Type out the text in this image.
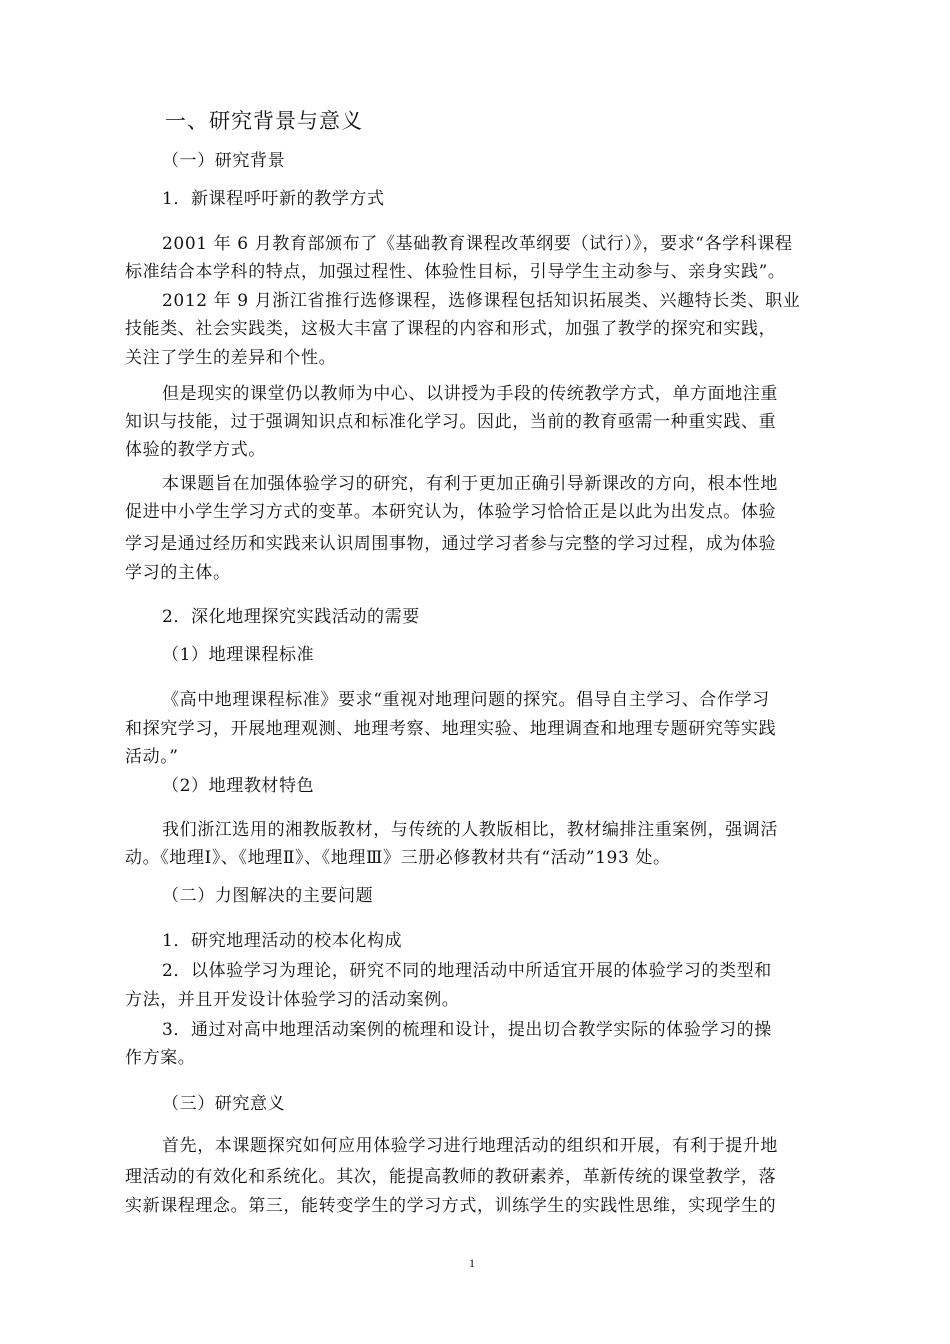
一、研究背景与意义
（一）研究背景
1．新课程呼吁新的教学方式
2001 年 6 月教育部颁布了《基础教育课程改革纲要（试行）》，要求“各学科课程
标准结合本学科的特点，加强过程性、体验性目标，引导学生主动参与、亲身实践”。
2012 年 9 月浙江省推行选修课程，选修课程包括知识拓展类、兴趣特长类、职业
技能类、社会实践类，这极大丰富了课程的内容和形式，加强了教学的探究和实践，
关注了学生的差异和个性。
但是现实的课堂仍以教师为中心、以讲授为手段的传统教学方式，单方面地注重
知识与技能，过于强调知识点和标准化学习。因此，当前的教育亟需一种重实践、重
体验的教学方式。
本课题旨在加强体验学习的研究，有利于更加正确引导新课改的方向，根本性地
促进中小学生学习方式的变革。本研究认为，体验学习恰恰正是以此为出发点。体验
学习是通过经历和实践来认识周围事物，通过学习者参与完整的学习过程，成为体验
学习的主体。
2．深化地理探究实践活动的需要
（1）地理课程标准
《高中地理课程标准》要求“重视对地理问题的探究。倡导自主学习、合作学习
和探究学习，开展地理观测、地理考察、地理实验、地理调查和地理专题研究等实践
活动。”
（2）地理教材特色
我们浙江选用的湘教版教材，与传统的人教版相比，教材编排注重案例，强调活
动。《地理Ⅰ》、《地理Ⅱ》、《地理Ⅲ》三册必修教材共有“活动”193 处。
（二）力图解决的主要问题
1．研究地理活动的校本化构成
2．以体验学习为理论，研究不同的地理活动中所适宜开展的体验学习的类型和
方法，并且开发设计体验学习的活动案例。
3．通过对高中地理活动案例的梳理和设计，提出切合教学实际的体验学习的操
作方案。
（三）研究意义
首先，本课题探究如何应用体验学习进行地理活动的组织和开展，有利于提升地
理活动的有效化和系统化。其次，能提高教师的教研素养，革新传统的课堂教学，落
实新课程理念。第三，能转变学生的学习方式，训练学生的实践性思维，实现学生的
1
